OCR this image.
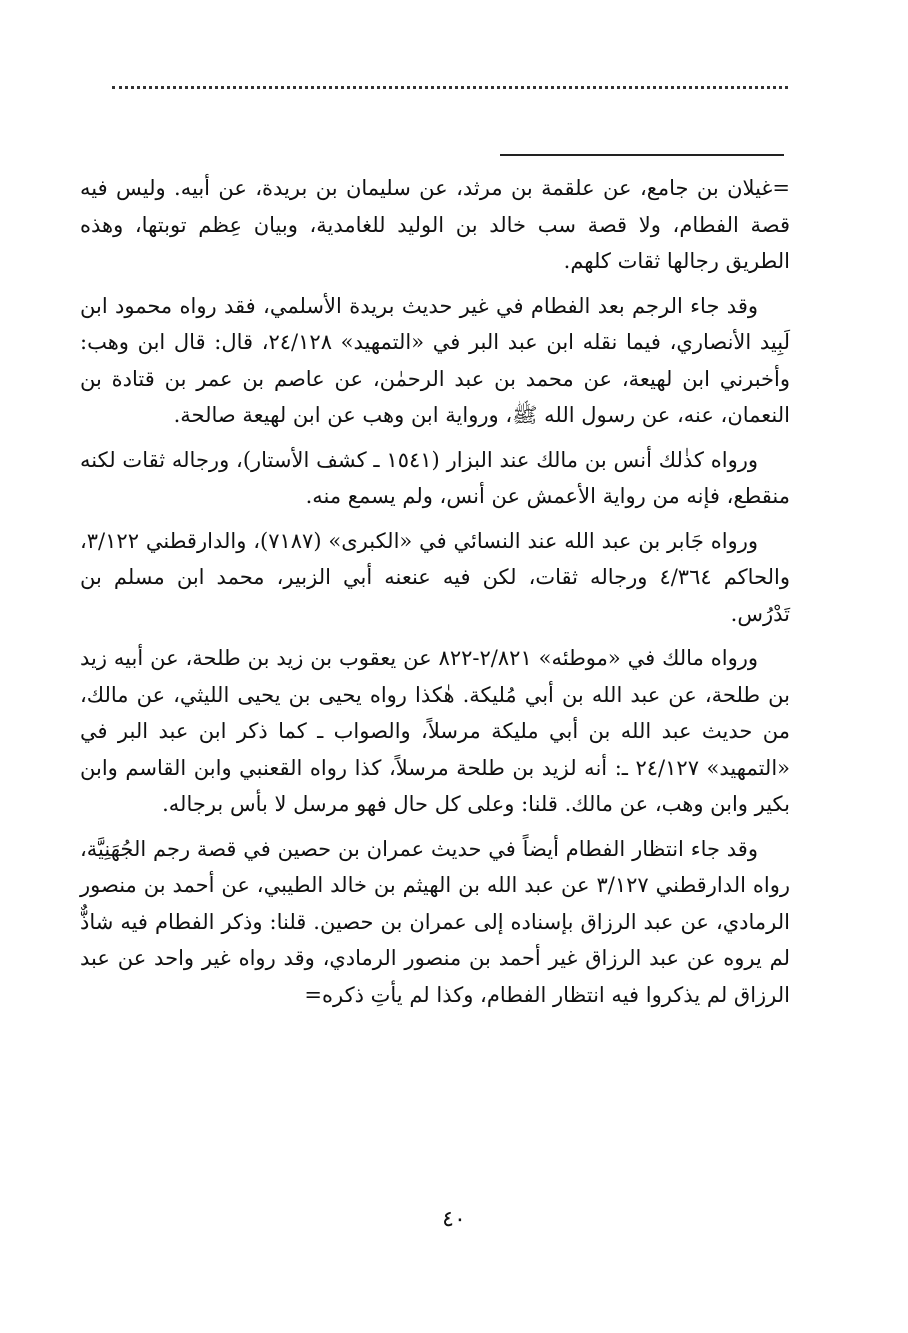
=غيلان بن جامع، عن علقمة بن مرثد، عن سليمان بن بريدة، عن أبيه. وليس فيه قصة الفطام، ولا قصة سب خالد بن الوليد للغامدية، وبيان عِظم توبتها، وهذه الطريق رجالها ثقات كلهم.

وقد جاء الرجم بعد الفطام في غير حديث بريدة الأسلمي، فقد رواه محمود ابن لَبِيد الأنصاري، فيما نقله ابن عبد البر في «التمهيد» ٢٤/١٢٨، قال: قال ابن وهب: وأخبرني ابن لهيعة، عن محمد بن عبد الرحمٰن، عن عاصم بن عمر بن قتادة بن النعمان، عنه، عن رسول الله ﷺ، ورواية ابن وهب عن ابن لهيعة صالحة.

ورواه كذٰلك أنس بن مالك عند البزار (١٥٤١ ـ كشف الأستار)، ورجاله ثقات لكنه منقطع، فإنه من رواية الأعمش عن أنس، ولم يسمع منه.

ورواه جَابر بن عبد الله عند النسائي في «الكبرى» (٧١٨٧)، والدارقطني ٣/١٢٢، والحاكم ٤/٣٦٤ ورجاله ثقات، لكن فيه عنعنه أبي الزبير، محمد ابن مسلم بن تَدْرُس.

ورواه مالك في «موطئه» ٢/٨٢١-٨٢٢ عن يعقوب بن زيد بن طلحة، عن أبيه زيد بن طلحة، عن عبد الله بن أبي مُليكة. هٰكذا رواه يحيى بن يحيى الليثي، عن مالك، من حديث عبد الله بن أبي مليكة مرسلاً، والصواب ـ كما ذكر ابن عبد البر في «التمهيد» ٢٤/١٢٧ ـ: أنه لزيد بن طلحة مرسلاً، كذا رواه القعنبي وابن القاسم وابن بكير وابن وهب، عن مالك. قلنا: وعلى كل حال فهو مرسل لا بأس برجاله.

وقد جاء انتظار الفطام أيضاً في حديث عمران بن حصين في قصة رجم الجُهَنِيَّة، رواه الدارقطني ٣/١٢٧ عن عبد الله بن الهيثم بن خالد الطيبي، عن أحمد بن منصور الرمادي، عن عبد الرزاق بإسناده إلى عمران بن حصين. قلنا: وذكر الفطام فيه شاذٌّ لم يروه عن عبد الرزاق غير أحمد بن منصور الرمادي، وقد رواه غير واحد عن عبد الرزاق لم يذكروا فيه انتظار الفطام، وكذا لم يأتِ ذكره=

٤٠
